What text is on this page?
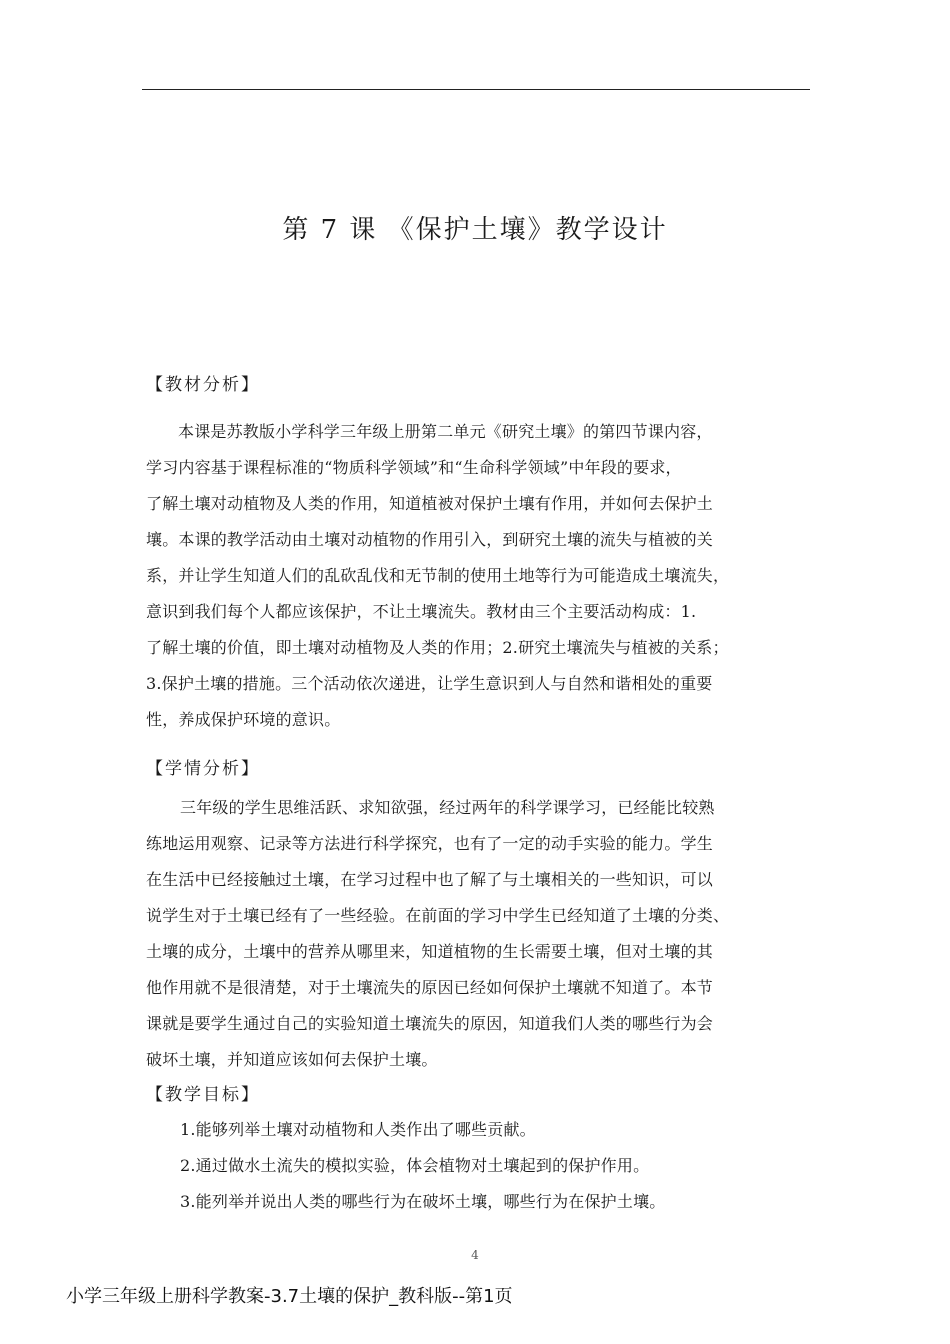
第 7 课 《保护土壤》教学设计
【教材分析】
本课是苏教版小学科学三年级上册第二单元《研究土壤》的第四节课内容，
学习内容基于课程标准的“物质科学领域”和“生命科学领域”中年段的要求，
了解土壤对动植物及人类的作用，知道植被对保护土壤有作用，并如何去保护土
壤。本课的教学活动由土壤对动植物的作用引入，到研究土壤的流失与植被的关
系，并让学生知道人们的乱砍乱伐和无节制的使用土地等行为可能造成土壤流失，
意识到我们每个人都应该保护，不让土壤流失。教材由三个主要活动构成：1.
了解土壤的价值，即土壤对动植物及人类的作用；2.研究土壤流失与植被的关系；
3.保护土壤的措施。三个活动依次递进，让学生意识到人与自然和谐相处的重要
性，养成保护环境的意识。
【学情分析】
三年级的学生思维活跃、求知欲强，经过两年的科学课学习，已经能比较熟
练地运用观察、记录等方法进行科学探究，也有了一定的动手实验的能力。学生
在生活中已经接触过土壤，在学习过程中也了解了与土壤相关的一些知识，可以
说学生对于土壤已经有了一些经验。在前面的学习中学生已经知道了土壤的分类、
土壤的成分，土壤中的营养从哪里来，知道植物的生长需要土壤，但对土壤的其
他作用就不是很清楚，对于土壤流失的原因已经如何保护土壤就不知道了。本节
课就是要学生通过自己的实验知道土壤流失的原因，知道我们人类的哪些行为会
破坏土壤，并知道应该如何去保护土壤。
【教学目标】
1.能够列举土壤对动植物和人类作出了哪些贡献。
2.通过做水土流失的模拟实验，体会植物对土壤起到的保护作用。
3.能列举并说出人类的哪些行为在破坏土壤，哪些行为在保护土壤。
4
小学三年级上册科学教案-3.7土壤的保护_教科版--第1页
